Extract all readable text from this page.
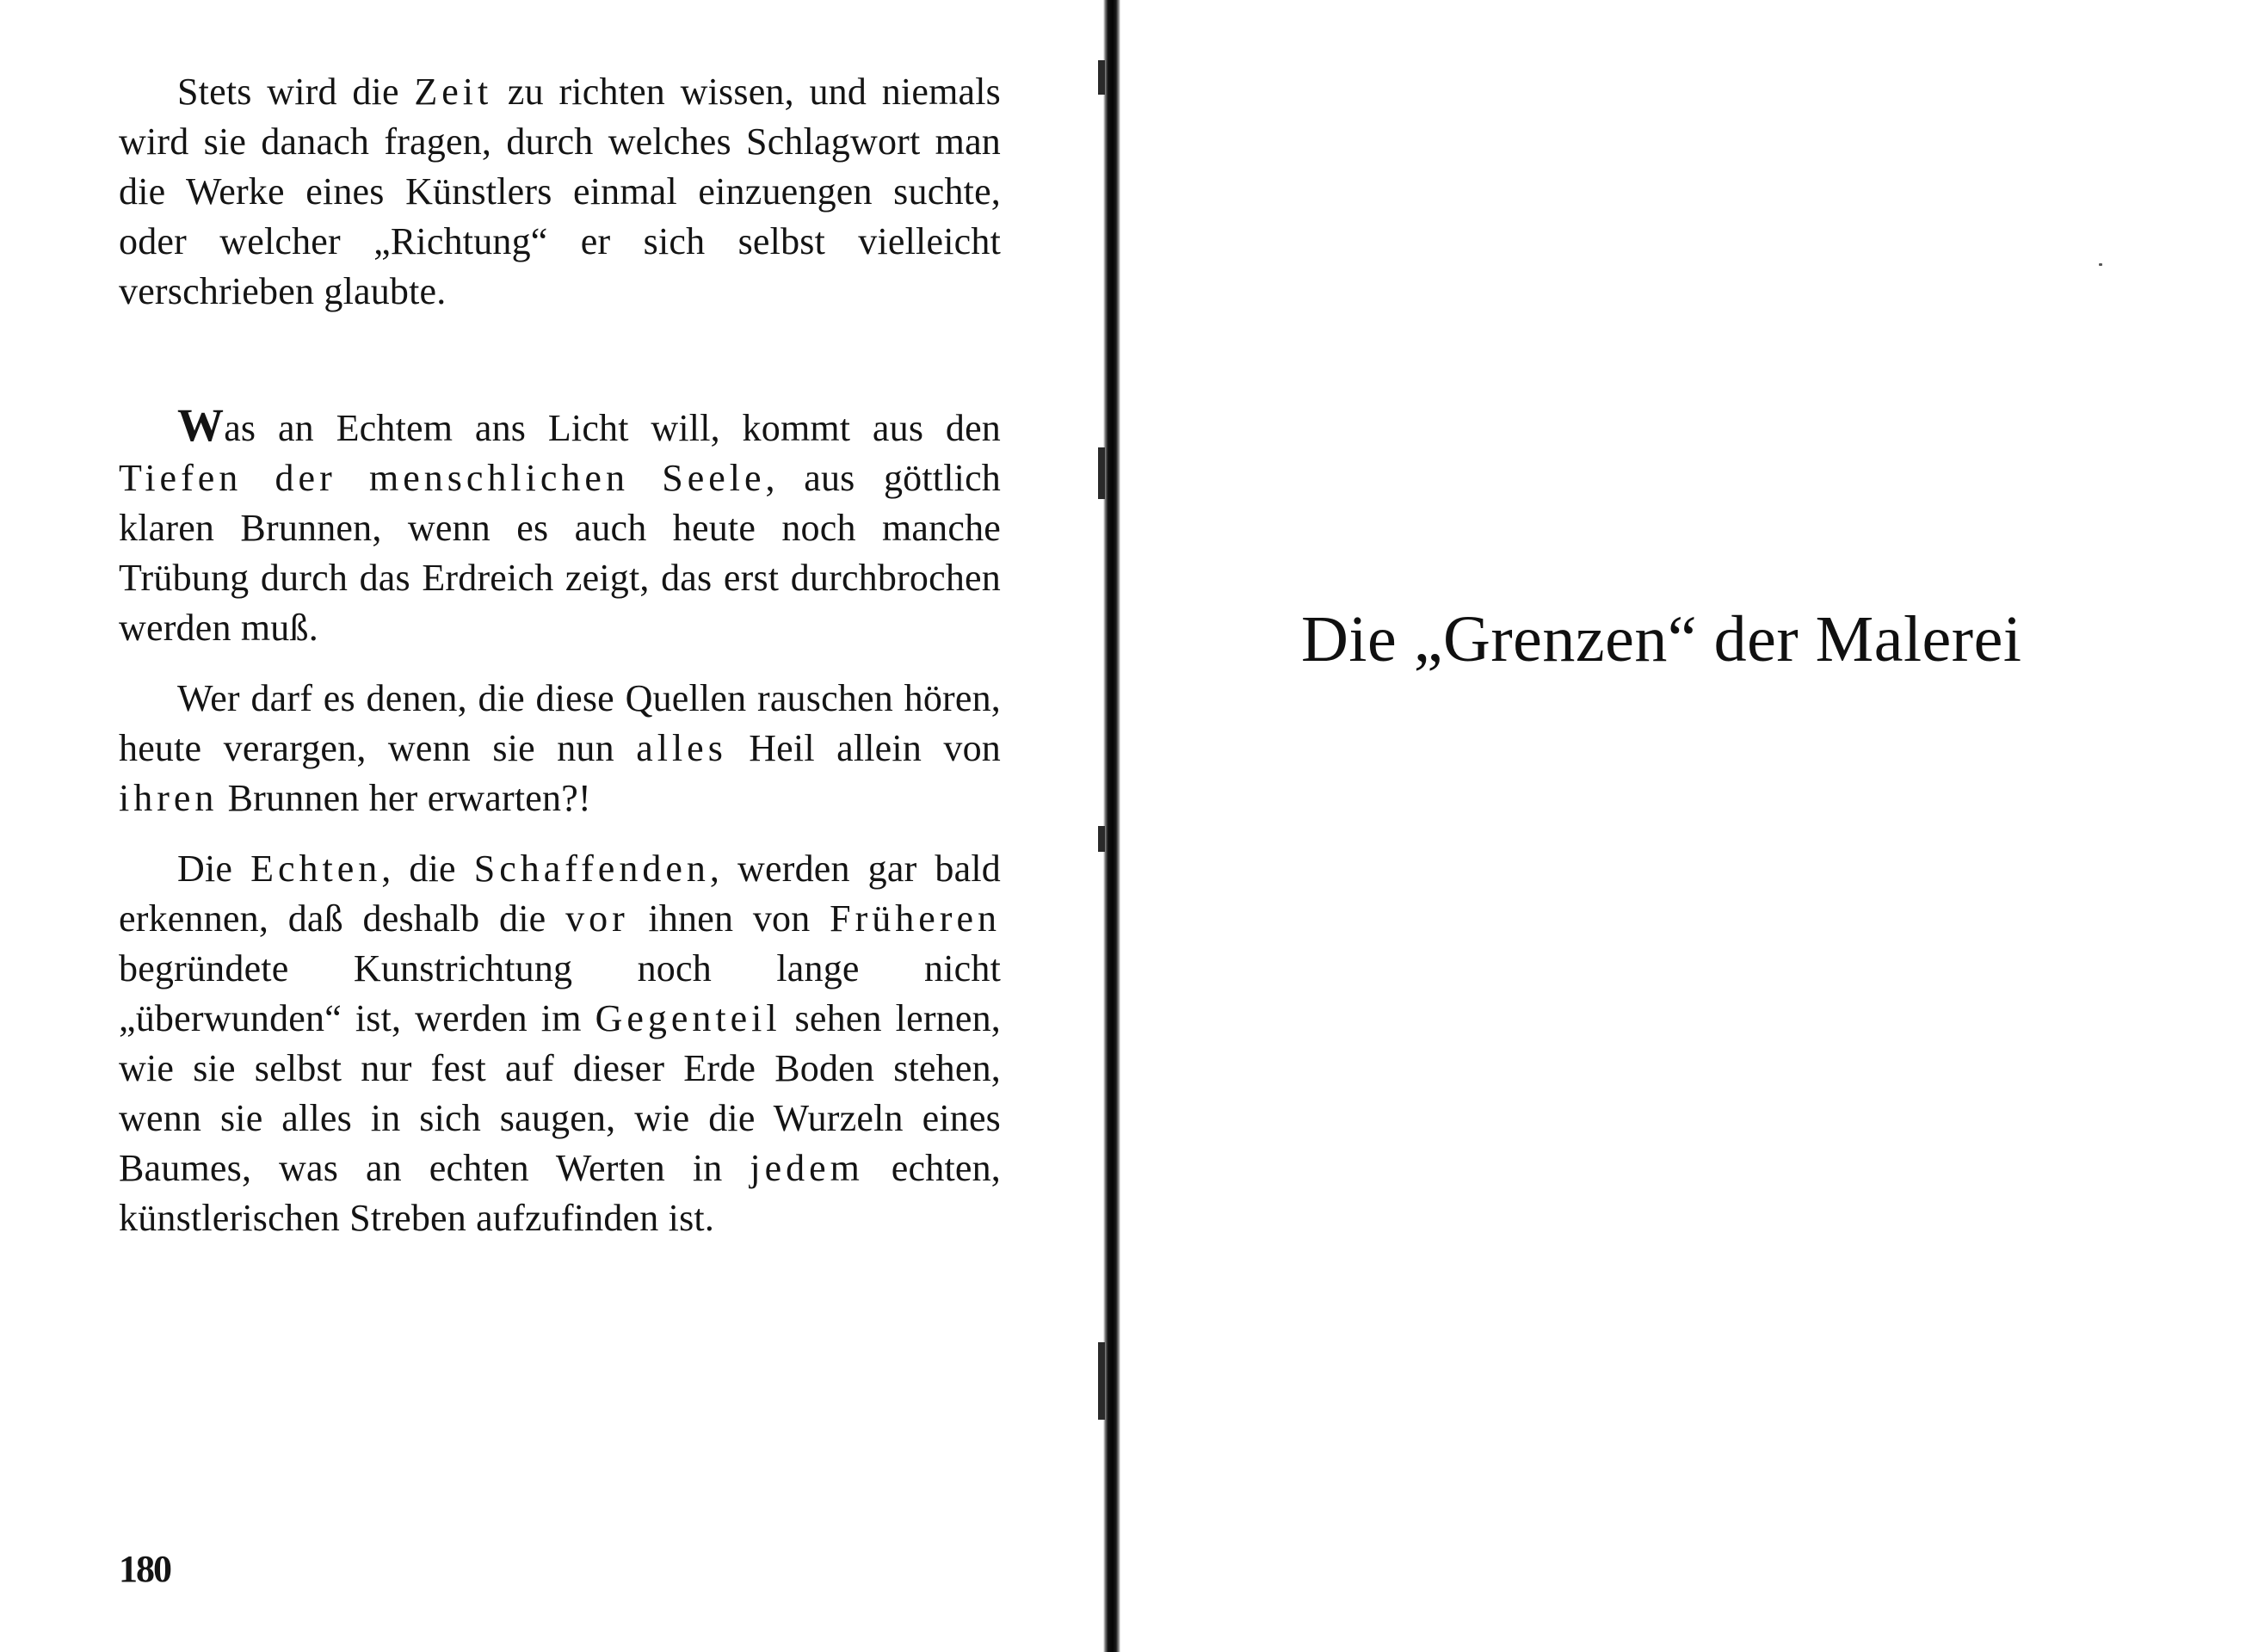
Stets wird die Zeit zu richten wissen, und niemals wird sie danach fragen, durch welches Schlagwort man die Werke eines Künstlers einmal einzuengen suchte, oder welcher „Richtung“ er sich selbst vielleicht verschrieben glaubte.

Was an Echtem ans Licht will, kommt aus den Tiefen der menschlichen Seele, aus göttlich klaren Brunnen, wenn es auch heute noch manche Trübung durch das Erdreich zeigt, das erst durchbrochen werden muß.

Wer darf es denen, die diese Quellen rauschen hören, heute verargen, wenn sie nun alles Heil allein von ihren Brunnen her erwarten?!

Die Echten, die Schaffenden, werden gar bald erkennen, daß deshalb die vor ihnen von Früheren begründete Kunstrichtung noch lange nicht „überwunden“ ist, werden im Gegenteil sehen lernen, wie sie selbst nur fest auf dieser Erde Boden stehen, wenn sie alles in sich saugen, wie die Wurzeln eines Baumes, was an echten Werten in jedem echten, künstlerischen Streben aufzufinden ist.

180
Die „Grenzen“ der Malerei
